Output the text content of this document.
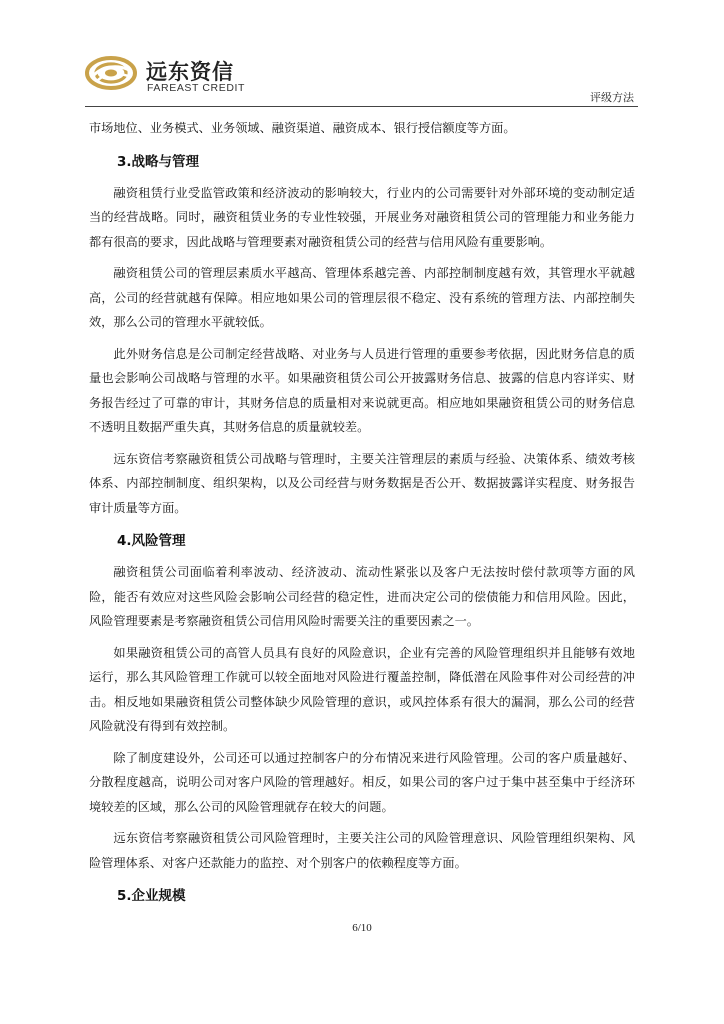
远东资信
FAREAST CREDIT
评级方法

市场地位、业务模式、业务领域、融资渠道、融资成本、银行授信额度等方面。

3.战略与管理

融资租赁行业受监管政策和经济波动的影响较大，行业内的公司需要针对外部环境的变动制定适当的经营战略。同时，融资租赁业务的专业性较强，开展业务对融资租赁公司的管理能力和业务能力都有很高的要求，因此战略与管理要素对融资租赁公司的经营与信用风险有重要影响。

融资租赁公司的管理层素质水平越高、管理体系越完善、内部控制制度越有效，其管理水平就越高，公司的经营就越有保障。相应地如果公司的管理层很不稳定、没有系统的管理方法、内部控制失效，那么公司的管理水平就较低。

此外财务信息是公司制定经营战略、对业务与人员进行管理的重要参考依据，因此财务信息的质量也会影响公司战略与管理的水平。如果融资租赁公司公开披露财务信息、披露的信息内容详实、财务报告经过了可靠的审计，其财务信息的质量相对来说就更高。相应地如果融资租赁公司的财务信息不透明且数据严重失真，其财务信息的质量就较差。

远东资信考察融资租赁公司战略与管理时，主要关注管理层的素质与经验、决策体系、绩效考核体系、内部控制制度、组织架构，以及公司经营与财务数据是否公开、数据披露详实程度、财务报告审计质量等方面。

4.风险管理

融资租赁公司面临着利率波动、经济波动、流动性紧张以及客户无法按时偿付款项等方面的风险，能否有效应对这些风险会影响公司经营的稳定性，进而决定公司的偿债能力和信用风险。因此，风险管理要素是考察融资租赁公司信用风险时需要关注的重要因素之一。

如果融资租赁公司的高管人员具有良好的风险意识，企业有完善的风险管理组织并且能够有效地运行，那么其风险管理工作就可以较全面地对风险进行覆盖控制，降低潜在风险事件对公司经营的冲击。相反地如果融资租赁公司整体缺少风险管理的意识，或风控体系有很大的漏洞，那么公司的经营风险就没有得到有效控制。

除了制度建设外，公司还可以通过控制客户的分布情况来进行风险管理。公司的客户质量越好、分散程度越高，说明公司对客户风险的管理越好。相反，如果公司的客户过于集中甚至集中于经济环境较差的区域，那么公司的风险管理就存在较大的问题。

远东资信考察融资租赁公司风险管理时，主要关注公司的风险管理意识、风险管理组织架构、风险管理体系、对客户还款能力的监控、对个别客户的依赖程度等方面。

5.企业规模
6/10
